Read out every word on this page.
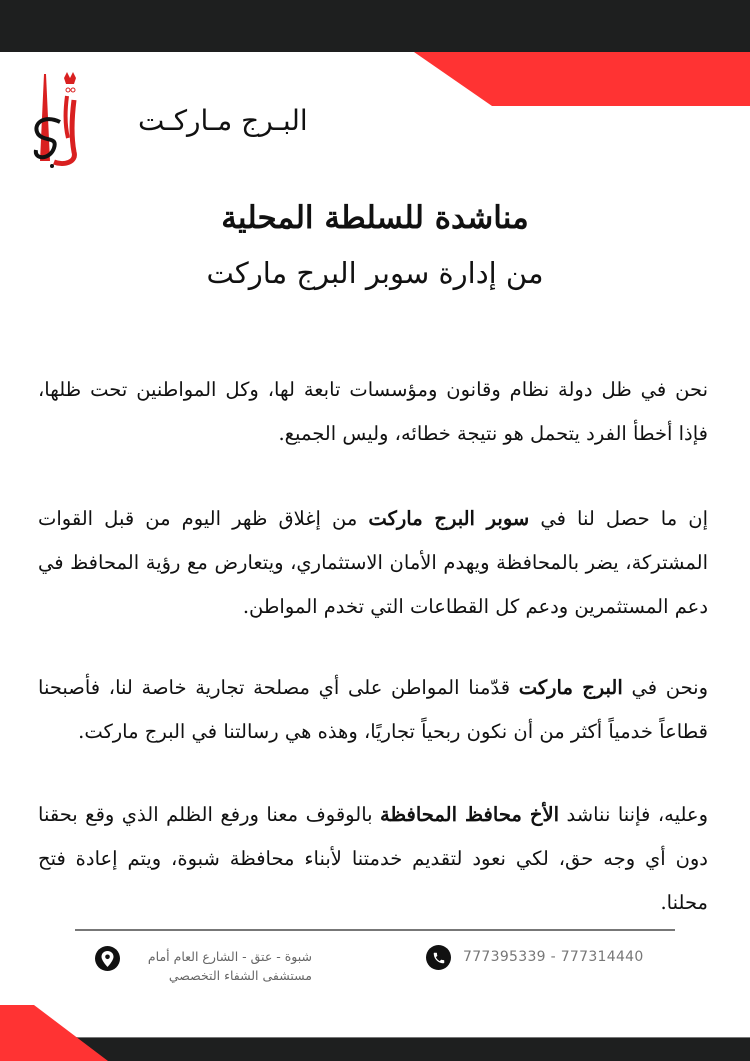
البـرج مـاركـت
مناشدة للسلطة المحلية
من إدارة سوبر البرج ماركت

نحن في ظل دولة نظام وقانون ومؤسسات تابعة لها، وكل المواطنين تحت ظلها، فإذا أخطأ الفرد يتحمل هو نتيجة خطائه، وليس الجميع.

إن ما حصل لنا في سوبر البرج ماركت من إغلاق ظهر اليوم من قبل القوات المشتركة، يضر بالمحافظة ويهدم الأمان الاستثماري، ويتعارض مع رؤية المحافظ في دعم المستثمرين ودعم كل القطاعات التي تخدم المواطن.

ونحن في البرج ماركت قدّمنا المواطن على أي مصلحة تجارية خاصة لنا، فأصبحنا قطاعاً خدمياً أكثر من أن نكون ربحياً تجاريًا، وهذه هي رسالتنا في البرج ماركت.

وعليه، فإننا نناشد الأخ محافظ المحافظة بالوقوف معنا ورفع الظلم الذي وقع بحقنا دون أي وجه حق، لكي نعود لتقديم خدمتنا لأبناء محافظة شبوة، ويتم إعادة فتح محلنا.

شبوة - عتق - الشارع العام أمام
مستشفى الشفاء التخصصي
777395339 - 777314440
